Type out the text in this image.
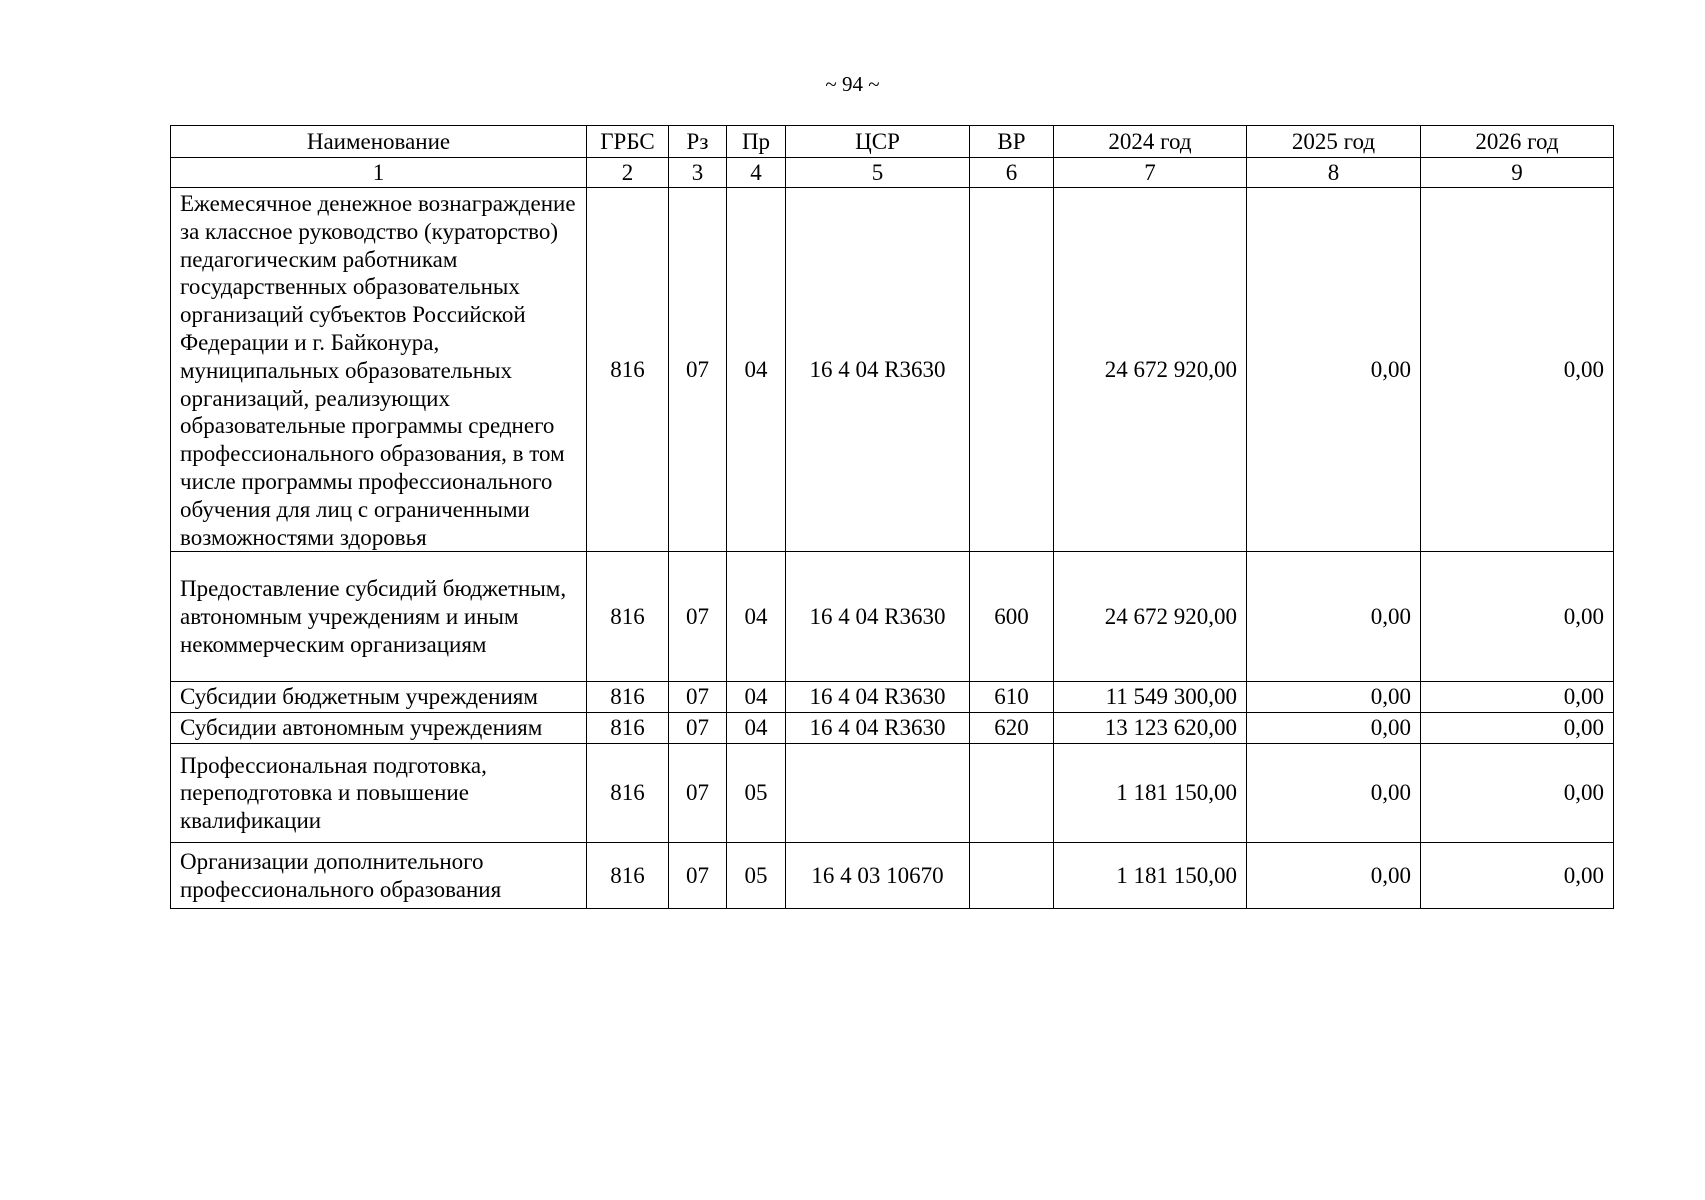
~ 94 ~
Наименование	ГРБС	Рз	Пр	ЦСР	ВР	2024 год	2025 год	2026 год
1	2	3	4	5	6	7	8	9
Ежемесячное денежное вознаграждение за классное руководство (кураторство) педагогическим работникам государственных образовательных организаций субъектов Российской Федерации и г. Байконура, муниципальных образовательных организаций, реализующих образовательные программы среднего профессионального образования, в том числе программы профессионального обучения для лиц с ограниченными возможностями здоровья	816	07	04	16 4 04 R3630		24 672 920,00	0,00	0,00
Предоставление субсидий бюджетным, автономным учреждениям и иным некоммерческим организациям	816	07	04	16 4 04 R3630	600	24 672 920,00	0,00	0,00
Субсидии бюджетным учреждениям	816	07	04	16 4 04 R3630	610	11 549 300,00	0,00	0,00
Субсидии автономным учреждениям	816	07	04	16 4 04 R3630	620	13 123 620,00	0,00	0,00
Профессиональная подготовка, переподготовка и повышение квалификации	816	07	05			1 181 150,00	0,00	0,00
Организации дополнительного профессионального образования	816	07	05	16 4 03 10670		1 181 150,00	0,00	0,00
